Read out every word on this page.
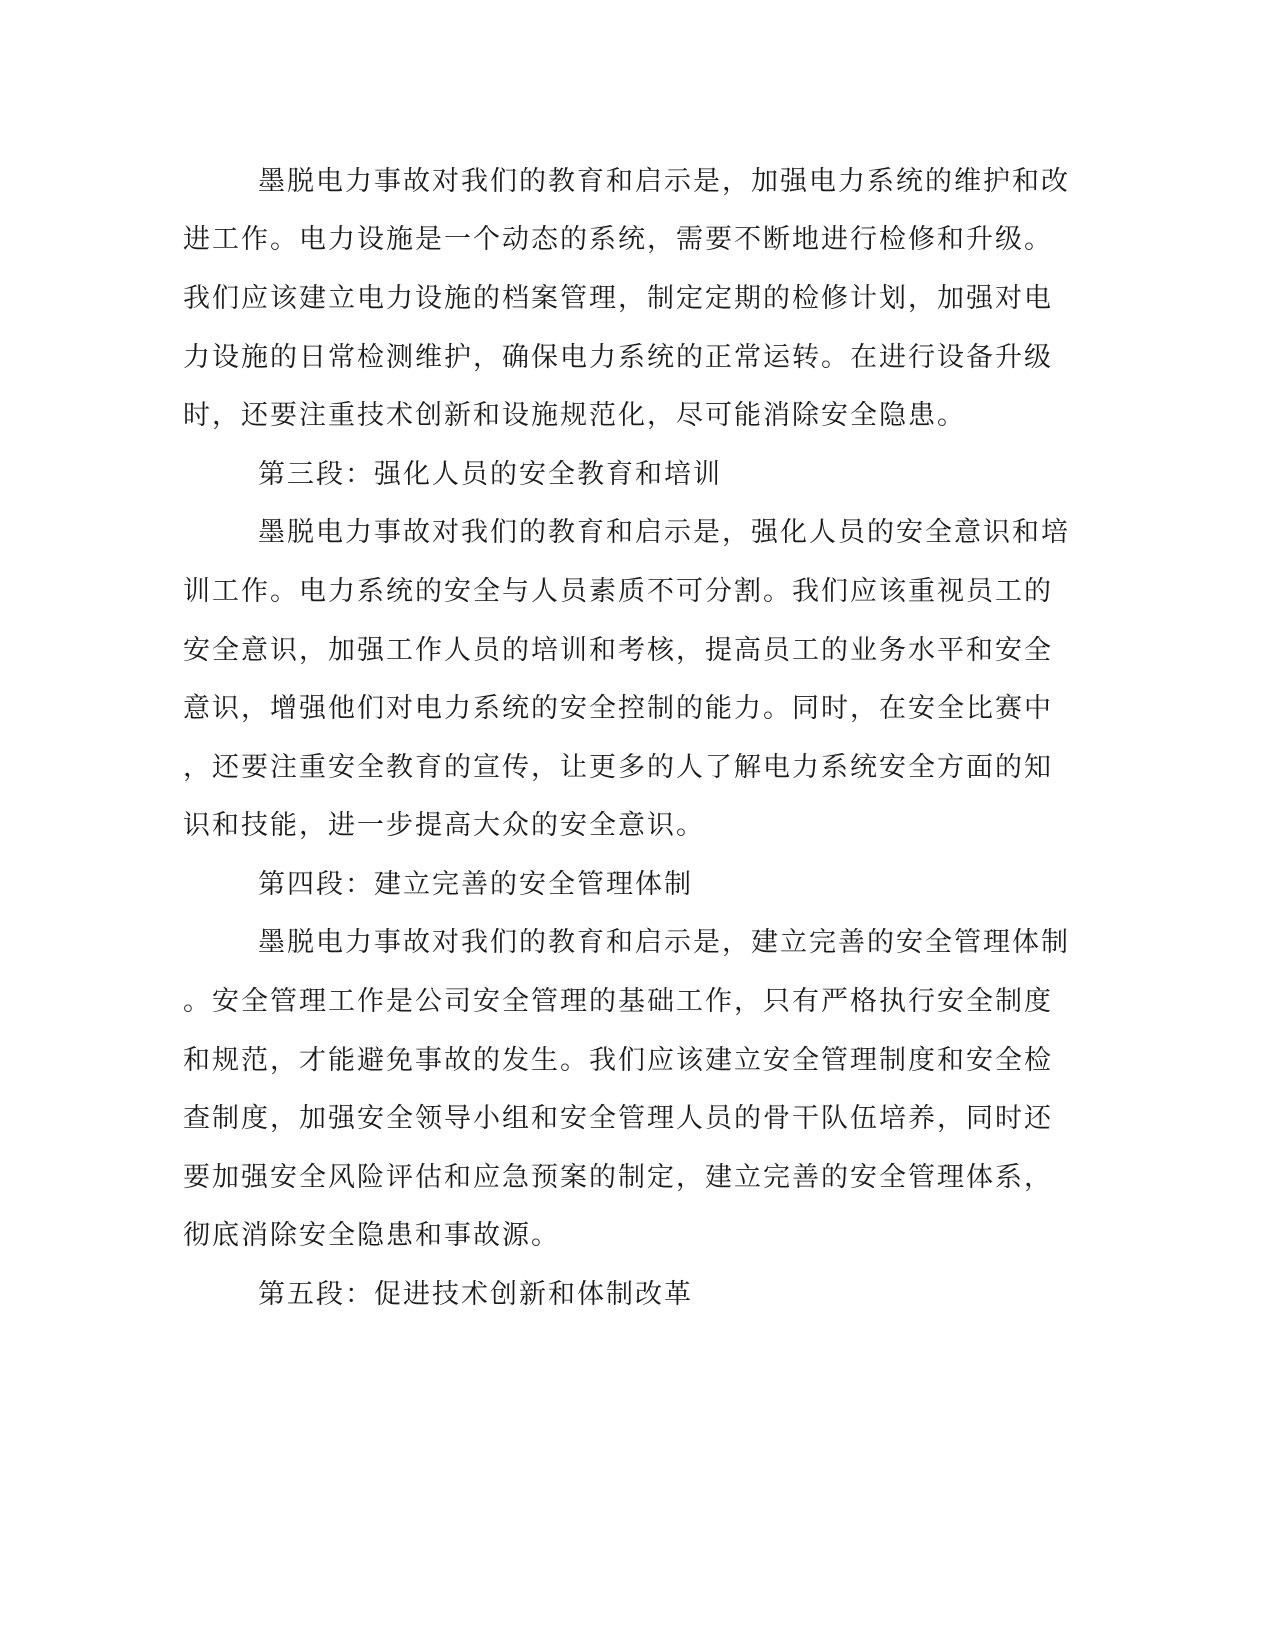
墨脱电力事故对我们的教育和启示是，加强电力系统的维护和改
进工作。电力设施是一个动态的系统，需要不断地进行检修和升级。
我们应该建立电力设施的档案管理，制定定期的检修计划，加强对电
力设施的日常检测维护，确保电力系统的正常运转。在进行设备升级
时，还要注重技术创新和设施规范化，尽可能消除安全隐患。
第三段：强化人员的安全教育和培训
墨脱电力事故对我们的教育和启示是，强化人员的安全意识和培
训工作。电力系统的安全与人员素质不可分割。我们应该重视员工的
安全意识，加强工作人员的培训和考核，提高员工的业务水平和安全
意识，增强他们对电力系统的安全控制的能力。同时，在安全比赛中
，还要注重安全教育的宣传，让更多的人了解电力系统安全方面的知
识和技能，进一步提高大众的安全意识。
第四段：建立完善的安全管理体制
墨脱电力事故对我们的教育和启示是，建立完善的安全管理体制
。安全管理工作是公司安全管理的基础工作，只有严格执行安全制度
和规范，才能避免事故的发生。我们应该建立安全管理制度和安全检
查制度，加强安全领导小组和安全管理人员的骨干队伍培养，同时还
要加强安全风险评估和应急预案的制定，建立完善的安全管理体系，
彻底消除安全隐患和事故源。
第五段：促进技术创新和体制改革
